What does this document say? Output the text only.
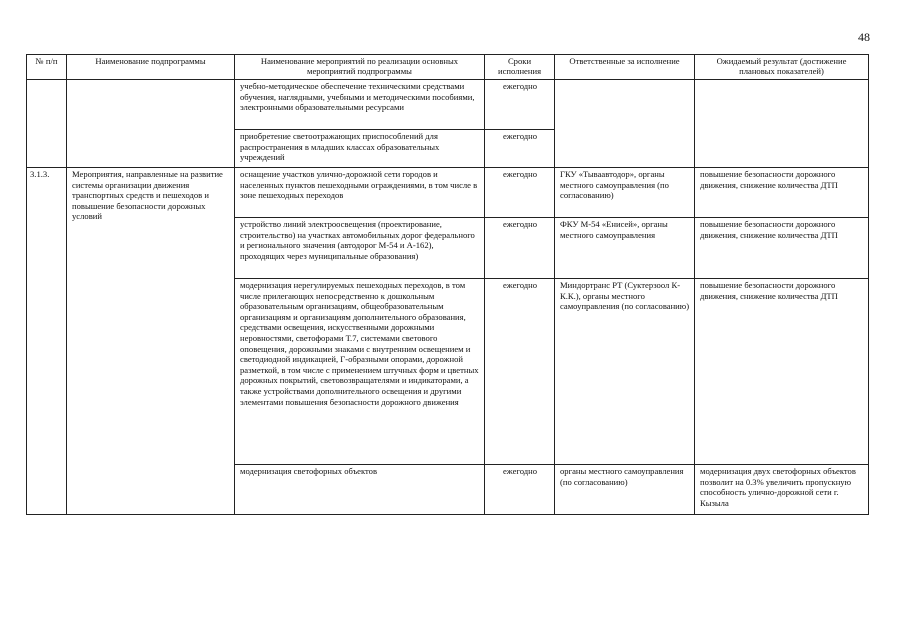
48
№ п/п	Наименование подпрограммы	Наименование мероприятий по реализации основных мероприятий подпрограммы	Сроки исполнения	Ответственные за исполнение	Ожидаемый результат (достижение плановых показателей)
		учебно-методическое обеспечение техническими средствами обучения, наглядными, учебными и методическими пособиями, электронными образовательными ресурсами	ежегодно		
		приобретение светоотражающих приспособлений для распространения в младших классах образовательных учреждений	ежегодно		
3.1.3.	Мероприятия, направленные на развитие системы организации движения транспортных средств и пешеходов и повышение безопасности дорожных условий	оснащение участков улично-дорожной сети городов и населенных пунктов пешеходными ограждениями, в том числе в зоне пешеходных переходов	ежегодно	ГКУ «Тываавтодор», органы местного самоуправления (по согласованию)	повышение безопасности дорожного движения, снижение количества ДТП
		устройство линий электроосвещения (проектирование, строительство) на участках автомобильных дорог федерального и регионального значения (автодорог М-54 и А-162), проходящих через муниципальные образования)	ежегодно	ФКУ М-54 «Енисей», органы местного самоуправления	повышение безопасности дорожного движения, снижение количества ДТП
		модернизация нерегулируемых пешеходных переходов, в том числе прилегающих непосредственно к дошкольным образовательным организациям, общеобразовательным организациям и организациям дополнительного образования, средствами освещения, искусственными дорожными неровностями, светофорами Т.7, системами светового оповещения, дорожными знаками с внутренним освещением и светодиодной индикацией, Г-образными опорами, дорожной разметкой, в том числе с применением штучных форм и цветных дорожных покрытий, световозвращателями и индикаторами, а также устройствами дополнительного освещения и другими элементами повышения безопасности дорожного движения	ежегодно	Миндортранс РТ (Суктерзоол К-К.К.), органы местного самоуправления (по согласованию)	повышение безопасности дорожного движения, снижение количества ДТП
		модернизация светофорных объектов	ежегодно	органы местного самоуправления (по согласованию)	модернизация двух светофорных объектов позволит на 0.3% увеличить пропускную способность улично-дорожной сети г. Кызыла
